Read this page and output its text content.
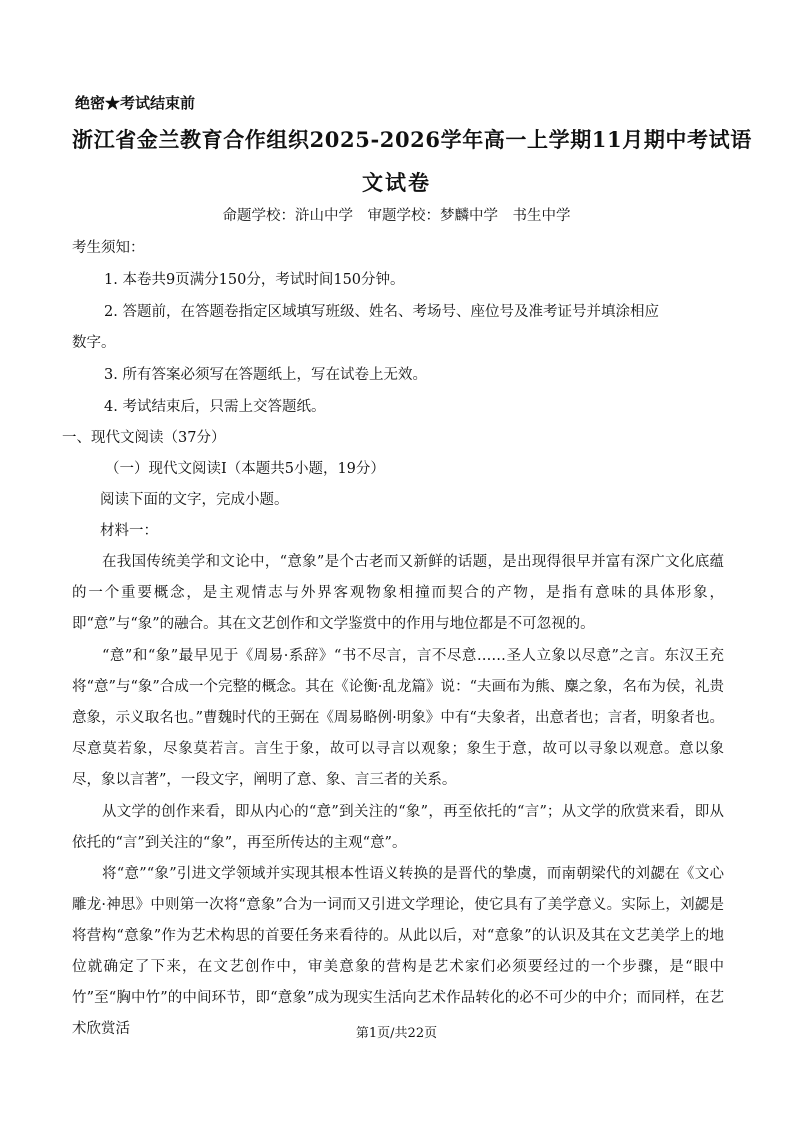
绝密★考试结束前
浙江省金兰教育合作组织2025-2026学年高一上学期11月期中考试语
文试卷
命题学校：浒山中学　审题学校：梦麟中学　书生中学
考生须知：
1. 本卷共9页满分150分，考试时间150分钟。
2. 答题前，在答题卷指定区域填写班级、姓名、考场号、座位号及准考证号并填涂相应
数字。
3. 所有答案必须写在答题纸上，写在试卷上无效。
4. 考试结束后，只需上交答题纸。
一、现代文阅读（37分）
（一）现代文阅读Ⅰ（本题共5小题，19分）
阅读下面的文字，完成小题。
材料一：
在我国传统美学和文论中，“意象”是个古老而又新鲜的话题，是出现得很早并富有深广文化底蕴的一个重要概念，是主观情志与外界客观物象相撞而契合的产物，是指有意味的具体形象，即“意”与“象”的融合。其在文艺创作和文学鉴赏中的作用与地位都是不可忽视的。
“意”和“象”最早见于《周易·系辞》“书不尽言，言不尽意……圣人立象以尽意”之言。东汉王充将“意”与“象”合成一个完整的概念。其在《论衡·乱龙篇》说：“夫画布为熊、麋之象，名布为侯，礼贵意象，示义取名也。”曹魏时代的王弼在《周易略例·明象》中有“夫象者，出意者也；言者，明象者也。尽意莫若象，尽象莫若言。言生于象，故可以寻言以观象；象生于意，故可以寻象以观意。意以象尽，象以言著”，一段文字，阐明了意、象、言三者的关系。
从文学的创作来看，即从内心的“意”到关注的“象”，再至依托的“言”；从文学的欣赏来看，即从依托的“言”到关注的“象”，再至所传达的主观“意”。
将“意”“象”引进文学领域并实现其根本性语义转换的是晋代的挚虞，而南朝梁代的刘勰在《文心雕龙·神思》中则第一次将“意象”合为一词而又引进文学理论，使它具有了美学意义。实际上，刘勰是将营构“意象”作为艺术构思的首要任务来看待的。从此以后，对“意象”的认识及其在文艺美学上的地位就确定了下来，在文艺创作中，审美意象的营构是艺术家们必须要经过的一个步骤，是“眼中竹”至“胸中竹”的中间环节，即“意象”成为现实生活向艺术作品转化的必不可少的中介；而同样，在艺术欣赏活	第1页/共22页
